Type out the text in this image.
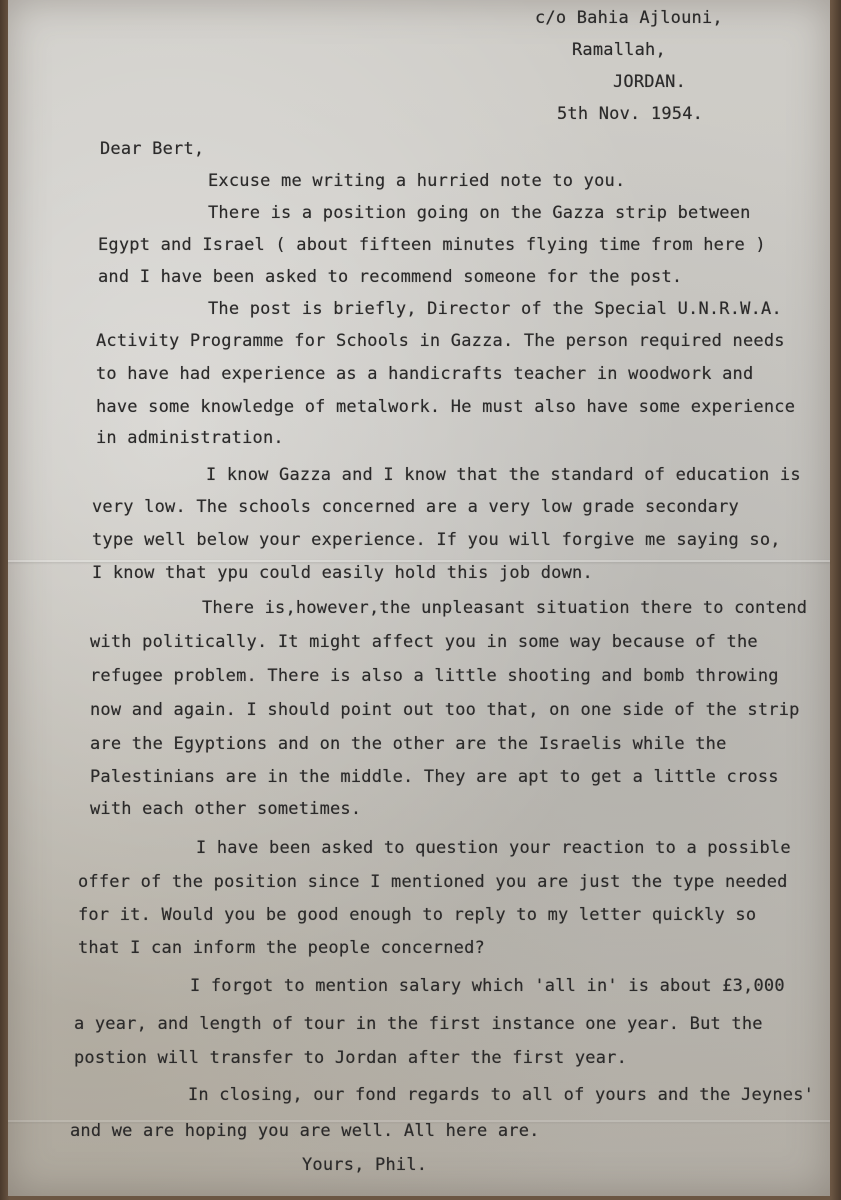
c/o Bahia Ajlouni,
Ramallah,
JORDAN.
5th Nov. 1954.
Dear Bert,
Excuse me writing a hurried note to you.
There is a position going on the Gazza strip between
Egypt and Israel ( about fifteen minutes flying time from here )
and I have been asked to recommend someone for the post.
The post is briefly, Director of the Special U.N.R.W.A.
Activity Programme for Schools in Gazza. The person required needs
to have had experience as a handicrafts teacher in woodwork and
have some knowledge of metalwork. He must also have some experience
in administration.
I know Gazza and I know that the standard of education is
very low. The schools concerned are a very low grade secondary
type well below your experience. If you will forgive me saying so,
I know that ypu could easily hold this job down.
There is,however,the unpleasant situation there to contend
with politically. It might affect you in some way because of the
refugee problem. There is also a little shooting and bomb throwing
now and again. I should point out too that, on one side of the strip
are the Egyptions and on the other are the Israelis while the
Palestinians are in the middle. They are apt to get a little cross
with each other sometimes.
I have been asked to question your reaction to a possible
offer of the position since I mentioned you are just the type needed
for it. Would you be good enough to reply to my letter quickly so
that I can inform the people concerned?
I forgot to mention salary which 'all in' is about £3,000
a year, and length of tour in the first instance one year. But the
postion will transfer to Jordan after the first year.
In closing, our fond regards to all of yours and the Jeynes'
and we are hoping you are well. All here are.
Yours, Phil.
